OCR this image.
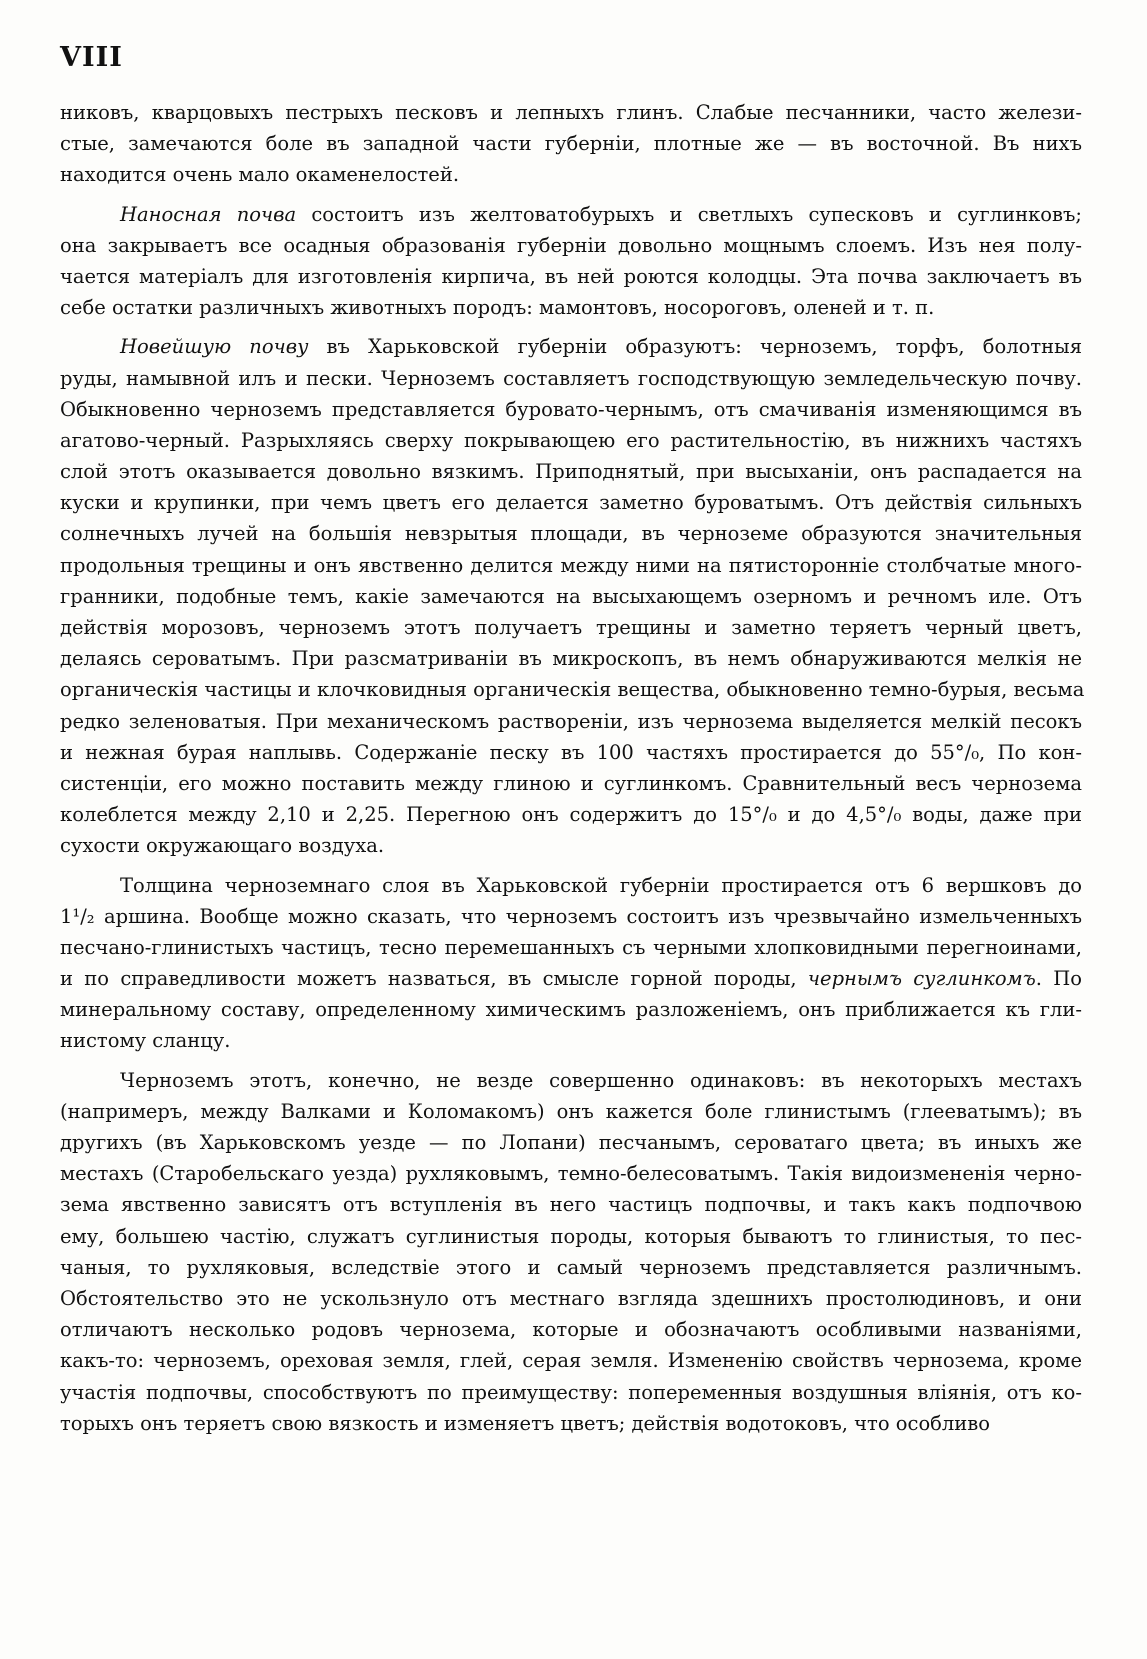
VIII
никовъ, кварцовыхъ пестрыхъ песковъ и лепныхъ глинъ. Слабые песчанники, часто желези-
стые, замечаются боле въ западной части губерніи, плотные же — въ восточной. Въ нихъ
находится очень мало окаменелостей.
Наносная почва состоитъ изъ желтоватобурыхъ и светлыхъ супесковъ и суглинковъ;
она закрываетъ все осадныя образованія губерніи довольно мощнымъ слоемъ. Изъ нея полу-
чается матеріалъ для изготовленія кирпича, въ ней роются колодцы. Эта почва заключаетъ въ
себе остатки различныхъ животныхъ породъ: мамонтовъ, носороговъ, оленей и т. п.
Новейшую почву въ Харьковской губерніи образуютъ: черноземъ, торфъ, болотныя
руды, намывной илъ и пески. Черноземъ составляетъ господствующую земледельческую почву.
Обыкновенно черноземъ представляется буровато-чернымъ, отъ смачиванія изменяющимся въ
агатово-черный. Разрыхляясь сверху покрывающею его растительностію, въ нижнихъ частяхъ
слой этотъ оказывается довольно вязкимъ. Приподнятый, при высыханіи, онъ распадается на
куски и крупинки, при чемъ цветъ его делается заметно буроватымъ. Отъ действія сильныхъ
солнечныхъ лучей на большія невзрытыя площади, въ черноземе образуются значительныя
продольныя трещины и онъ явственно делится между ними на пятисторонніе столбчатые много-
гранники, подобные темъ, какіе замечаются на высыхающемъ озерномъ и речномъ иле. Отъ
действія морозовъ, черноземъ этотъ получаетъ трещины и заметно теряетъ черный цветъ,
делаясь сероватымъ. При разсматриваніи въ микроскопъ, въ немъ обнаруживаются мелкія не
органическія частицы и клочковидныя органическія вещества, обыкновенно темно-бурыя, весьма
редко зеленоватыя. При механическомъ растворeніи, изъ чернозема выделяется мелкій песокъ
и нежная бурая наплывь. Содержаніе песку въ 100 частяхъ простирается до 55°/₀, По кон-
систенціи, его можно поставить между глиною и суглинкомъ. Сравнительный весъ чернозема
колеблется между 2,10 и 2,25. Перегною онъ содержитъ до 15°/₀ и до 4,5°/₀ воды, даже при
сухости окружающаго воздуха.
Толщина черноземнаго слоя въ Харьковской губерніи простирается отъ 6 вершковъ до
1¹/₂ аршина. Вообще можно сказать, что черноземъ состоитъ изъ чрезвычайно измельченныхъ
песчано-глинистыхъ частицъ, тесно перемешанныхъ съ черными хлопковидными перегноинами,
и по справедливости можетъ назваться, въ смысле горной породы, чернымъ суглинкомъ. По
минеральному составу, определенному химическимъ разложеніемъ, онъ приближается къ гли-
нистому сланцу.
Черноземъ этотъ, конечно, не везде совершенно одинаковъ: въ некоторыхъ местахъ
(напримеръ, между Валками и Коломакомъ) онъ кажется боле глинистымъ (глееватымъ); въ
другихъ (въ Харьковскомъ уезде — по Лопани) песчанымъ, сероватаго цвета; въ иныхъ же
местахъ (Старобельскаго уезда) рухляковымъ, темно-белесоватымъ. Такія видоизмененія черно-
зема явственно зависятъ отъ вступленія въ него частицъ подпочвы, и такъ какъ подпочвою
ему, большею частію, служатъ суглинистыя породы, которыя бываютъ то глинистыя, то пес-
чаныя, то рухляковыя, вследствіе этого и самый черноземъ представляется различнымъ.
Обстоятельство это не ускользнуло отъ местнаго взгляда здешнихъ простолюдиновъ, и они
отличаютъ несколько родовъ чернозема, которые и обозначаютъ особливыми названіями,
какъ-то: черноземъ, ореховая земля, глей, серая земля. Измененію свойствъ чернозема, кроме
участія подпочвы, способствуютъ по преимуществу: попеременныя воздушныя вліянія, отъ ко-
торыхъ онъ теряетъ свою вязкость и изменяетъ цветъ; действія водотоковъ, что особливо
